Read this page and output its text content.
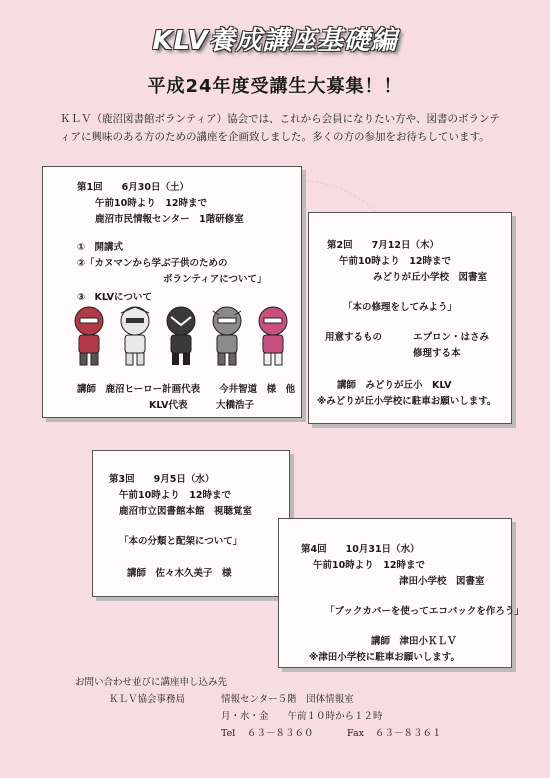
KLV養成講座基礎編
平成24年度受講生大募集！！
ＫＬＶ（鹿沼図書館ボランティア）協会では、これから会員になりたい方や、図書のボランティアに興味のある方のための講座を企画致しました。多くの方の参加をお待ちしています。
第1回　　6月30日（土）
午前10時より　12時まで
鹿沼市民情報センター　1階研修室
①　開講式
②「カヌマンから学ぶ子供のための
ボランティアについて」
③　KLVについて
講師　鹿沼ヒーロー計画代表　　今井智道　様　他
KLV代表　　　大橋浩子
第2回　　7月12日（木）
午前10時より　12時まで
みどりが丘小学校　図書室
「本の修理をしてみよう」
用意するもの	エプロン・はさみ
修理する本
講師　みどりが丘小　KLV
※みどりが丘小学校に駐車お願いします。
第3回　　9月5日（水）
午前10時より　12時まで
鹿沼市立図書館本館　視聴覚室
「本の分類と配架について」
講師　佐々木久美子　様
第4回　　10月31日（水）
午前10時より　12時まで
津田小学校　図書室
「ブックカバーを使ってエコバックを作ろう」
講師　津田小ＫＬＶ
※津田小学校に駐車お願いします。
お問い合わせ並びに講座申し込み先
ＫＬＶ協会事務局	情報センター５階　団体情報室
月・水・金　　午前１０時から１２時
Tel ６３－８３６０	Fax ６３－８３６１
